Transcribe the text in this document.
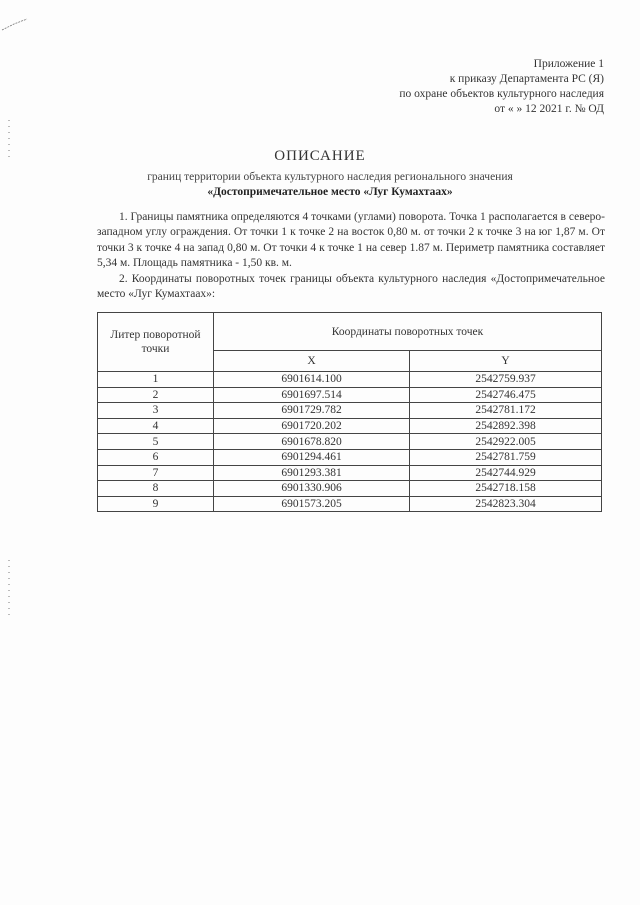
Приложение 1
к приказу Департамента РС (Я)
по охране объектов культурного наследия
от « » 12 2021 г. № ОД
ОПИСАНИЕ
границ территории объекта культурного наследия регионального значения
«Достопримечательное место «Луг Кумахтаах»

1. Границы памятника определяются 4 точками (углами) поворота. Точка 1 располагается в северо-западном углу ограждения. От точки 1 к точке 2 на восток 0,80 м. от точки 2 к точке 3 на юг 1,87 м. От точки 3 к точке 4 на запад 0,80 м. От точки 4 к точке 1 на север 1.87 м. Периметр памятника составляет 5,34 м. Площадь памятника - 1,50 кв. м.

2. Координаты поворотных точек границы объекта культурного наследия «Достопримечательное место «Луг Кумахтаах»:

Литер поворотной точки	Координаты поворотных точек	
	X	Y
1	6901614.100	2542759.937
2	6901697.514	2542746.475
3	6901729.782	2542781.172
4	6901720.202	2542892.398
5	6901678.820	2542922.005
6	6901294.461	2542781.759
7	6901293.381	2542744.929
8	6901330.906	2542718.158
9	6901573.205	2542823.304
